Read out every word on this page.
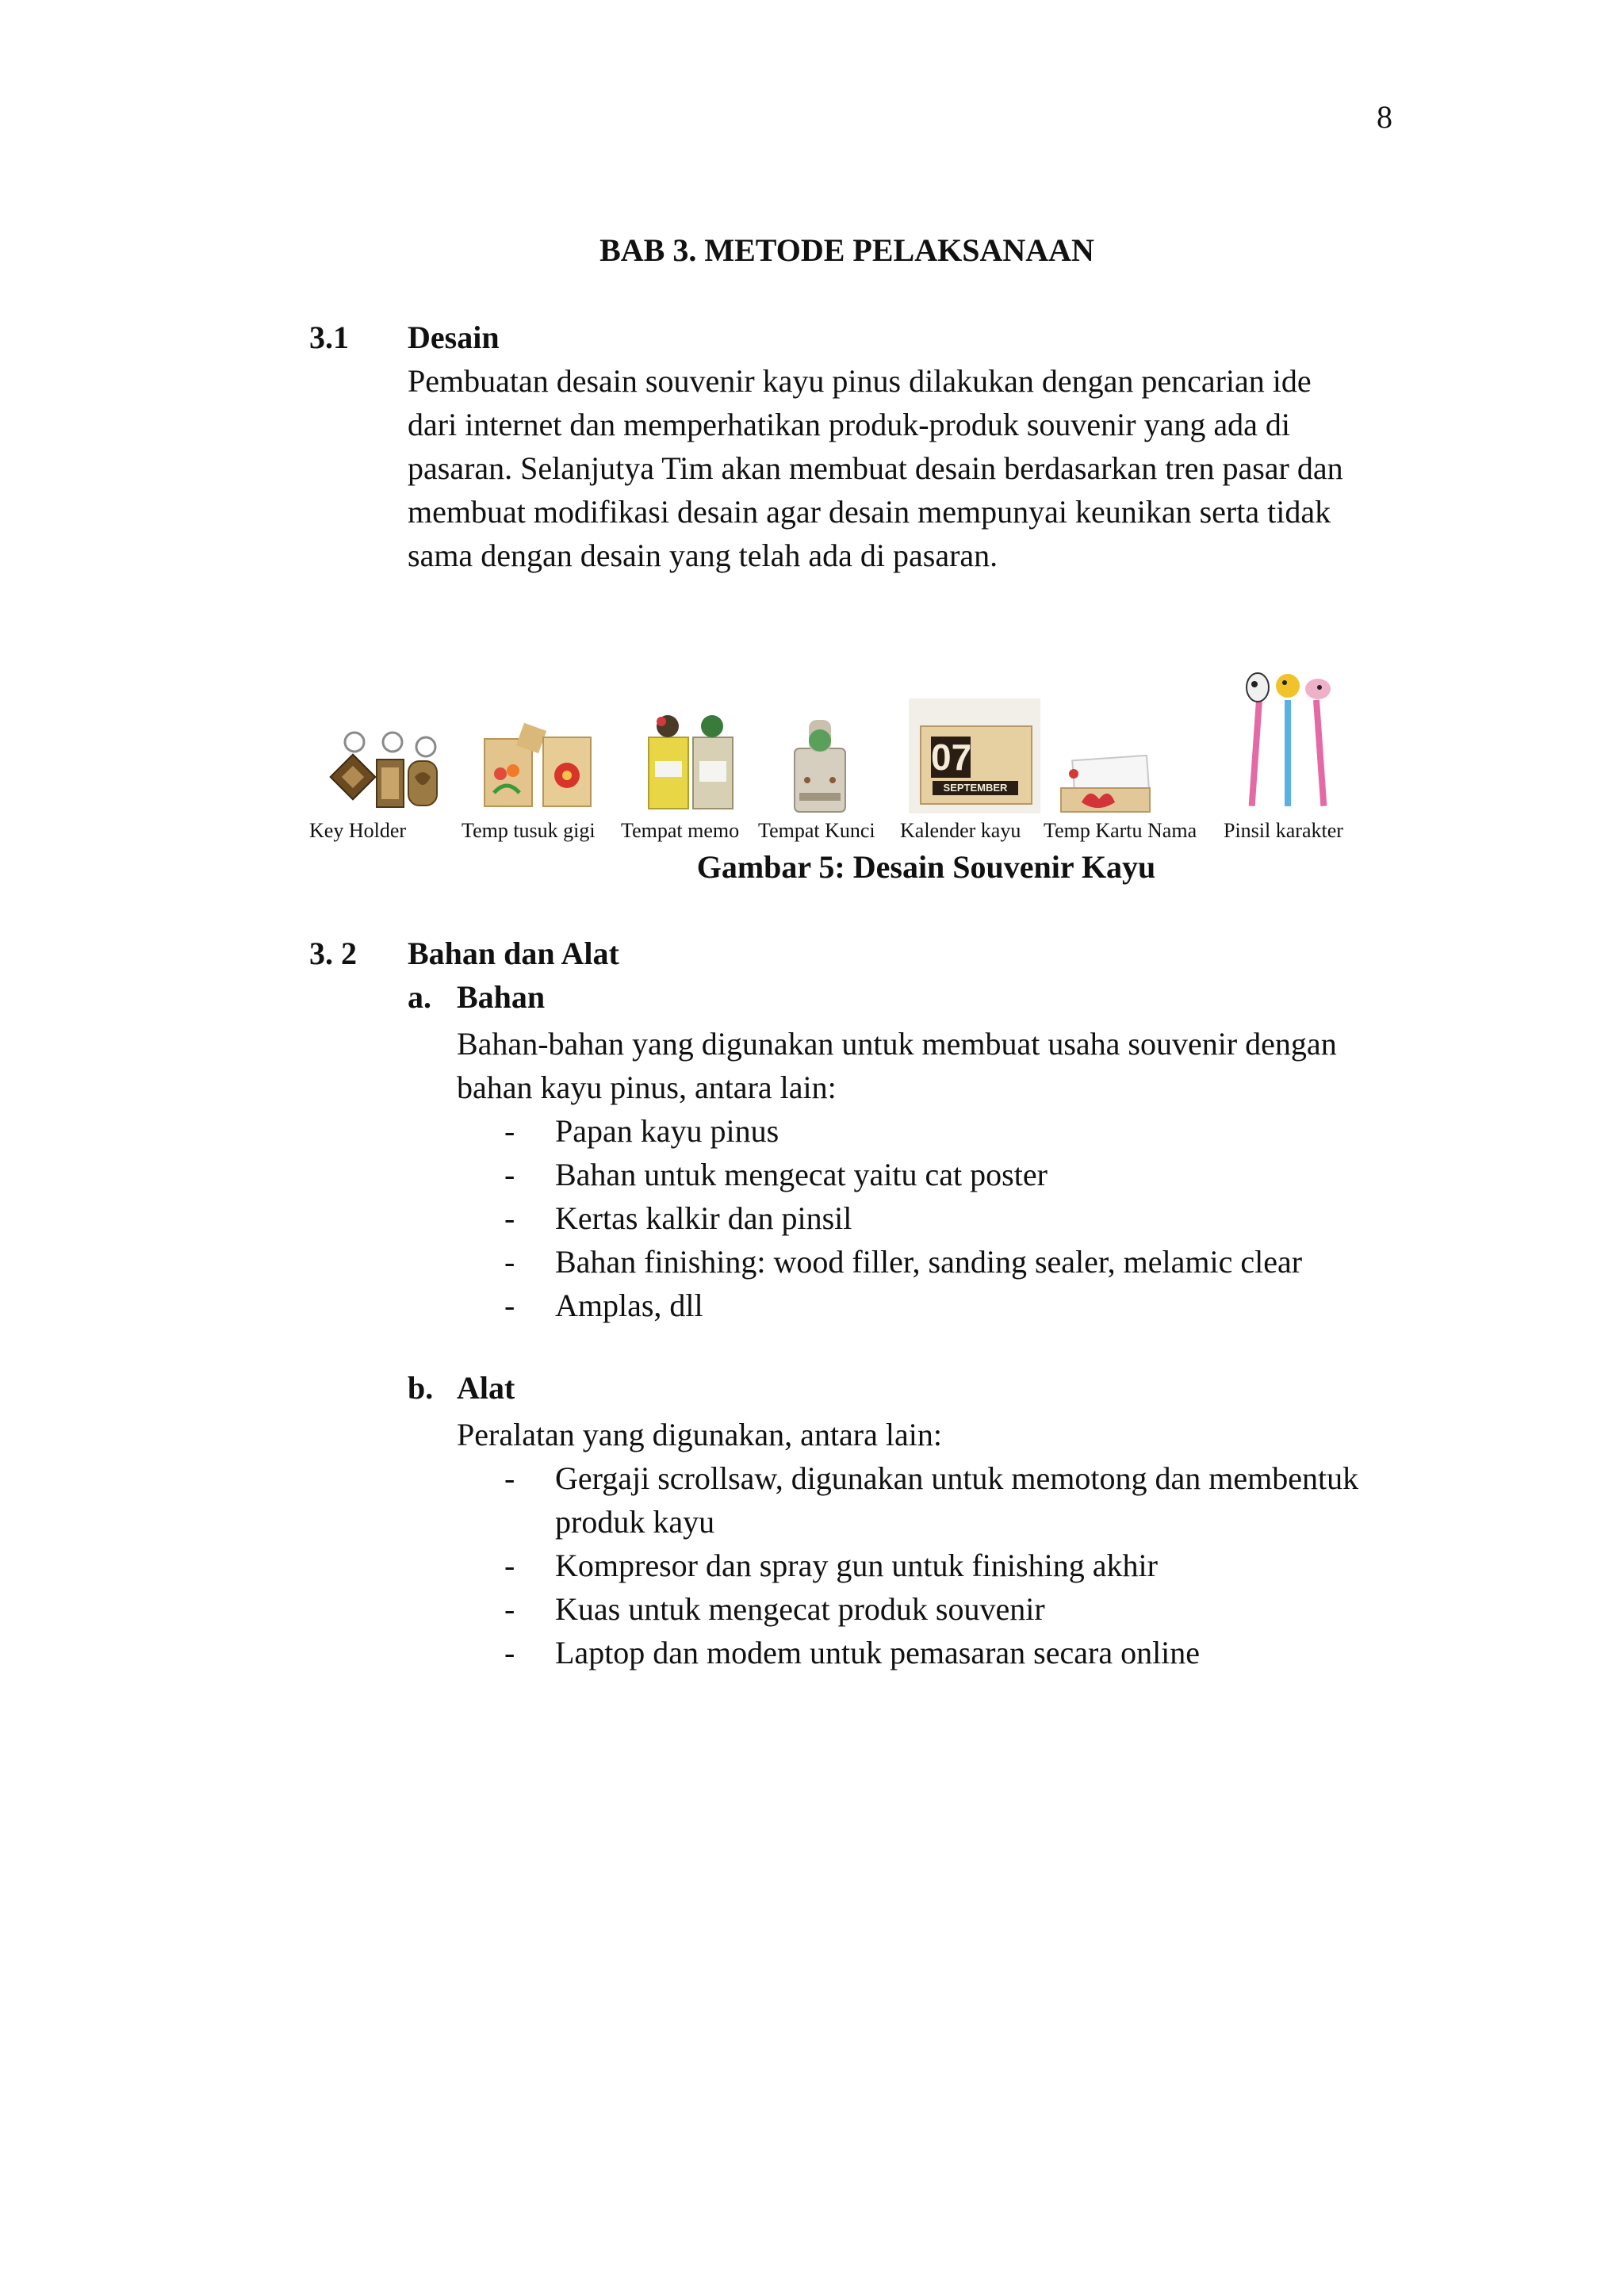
8
BAB 3. METODE PELAKSANAAN
3.1 Desain
Pembuatan desain souvenir kayu pinus dilakukan dengan pencarian ide
dari internet dan memperhatikan produk-produk souvenir yang ada di
pasaran. Selanjutya Tim akan membuat desain berdasarkan tren pasar dan
membuat modifikasi desain agar desain mempunyai keunikan serta tidak
sama dengan desain yang telah ada di pasaran.
07
SEPTEMBER
Key Holder	Temp tusuk gigi Tempat memo Tempat Kunci Kalender kayu Temp Kartu Nama Pinsil karakter
Gambar 5: Desain Souvenir Kayu
3. 2 Bahan dan Alat
a. Bahan
Bahan-bahan yang digunakan untuk membuat usaha souvenir dengan
bahan kayu pinus, antara lain:
- Papan kayu pinus
- Bahan untuk mengecat yaitu cat poster
- Kertas kalkir dan pinsil
- Bahan finishing: wood filler, sanding sealer, melamic clear
- Amplas, dll
b. Alat
Peralatan yang digunakan, antara lain:
- Gergaji scrollsaw, digunakan untuk memotong dan membentuk
produk kayu
- Kompresor dan spray gun untuk finishing akhir
- Kuas untuk mengecat produk souvenir
- Laptop dan modem untuk pemasaran secara online
